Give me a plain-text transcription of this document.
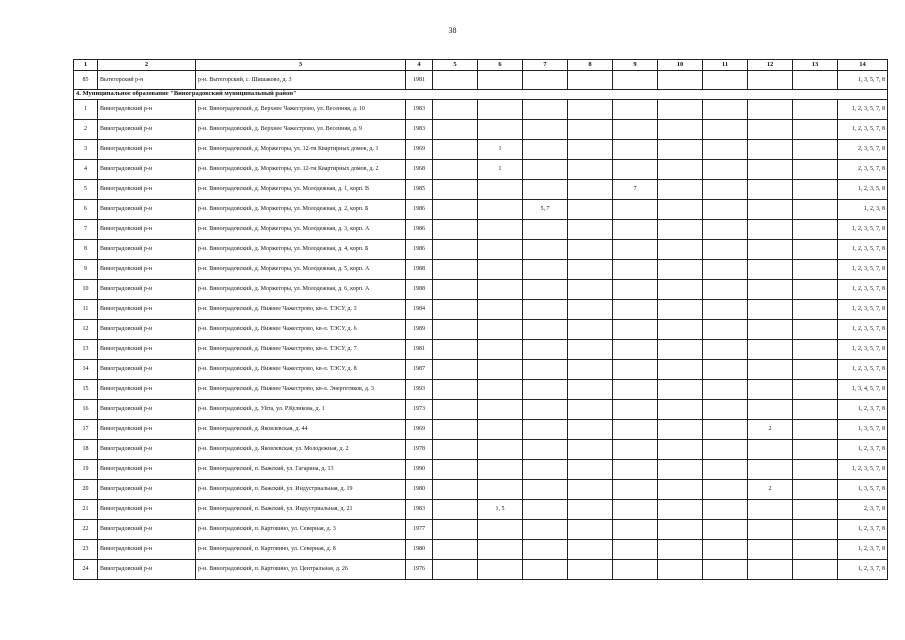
38
1	2	3	4	5	6	7	8	9	10	11	12	13	14
85	Вытегорский р-н	р-н. Вытегорский, с. Шишаково, д. 3	1981										1, 3, 5, 7, 8
4. Муниципальное образование "Виноградовский муниципальный район"													
1	Виноградовский р-н	р-н. Виноградовский, д. Верхнее Чажестрово, ул. Весенняя, д. 10	1983										1, 2, 3, 5, 7, 8
2	Виноградовский р-н	р-н. Виноградовский, д. Верхнее Чажестрово, ул. Весенняя, д. 9	1983										1, 2, 3, 5, 7, 8
3	Виноградовский р-н	р-н. Виноградовский, д. Моржегоры, ул. 12-ти Квартирных домов, д. 1	1969		1								2, 3, 5, 7, 8
4	Виноградовский р-н	р-н. Виноградовский, д. Моржегоры, ул. 12-ти Квартирных домов, д. 2	1968		1								2, 3, 5, 7, 8
5	Виноградовский р-н	р-н. Виноградовский, д. Моржегоры, ул. Молодежная, д. 1, корп. В	1985					7					1, 2, 3, 5, 8
6	Виноградовский р-н	р-н. Виноградовский, д. Моржегоры, ул. Молодежная, д. 2, корп. Б	1986			5, 7							1, 2, 3, 8
7	Виноградовский р-н	р-н. Виноградовский, д. Моржегоры, ул. Молодежная, д. 3, корп. А	1986										1, 2, 3, 5, 7, 8
8	Виноградовский р-н	р-н. Виноградовский, д. Моржегоры, ул. Молодежная, д. 4, корп. Б	1986										1, 2, 3, 5, 7, 8
9	Виноградовский р-н	р-н. Виноградовский, д. Моржегоры, ул. Молодежная, д. 5, корп. А	1988										1, 2, 3, 5, 7, 8
10	Виноградовский р-н	р-н. Виноградовский, д. Моржегоры, ул. Молодежная, д. 6, корп. А	1988										1, 2, 3, 5, 7, 8
11	Виноградовский р-н	р-н. Виноградовский, д. Нижнее Чажестрово, кв-л. ТЭСУ, д. 3	1984										1, 2, 3, 5, 7, 8
12	Виноградовский р-н	р-н. Виноградовский, д. Нижнее Чажестрово, кв-л. ТЭСУ, д. 6	1989										1, 2, 3, 5, 7, 8
13	Виноградовский р-н	р-н. Виноградовский, д. Нижнее Чажестрово, кв-л. ТЭСУ, д. 7	1981										1, 2, 3, 5, 7, 8
14	Виноградовский р-н	р-н. Виноградовский, д. Нижнее Чажестрово, кв-л. ТЭСУ, д. 8	1987										1, 2, 3, 5, 7, 8
15	Виноградовский р-н	р-н. Виноградовский, д. Нижнее Чажестрово, кв-л. Энергетиков, д. 3	1993										1, 3, 4, 5, 7, 8
16	Виноградовский р-н	р-н. Виноградовский, д. Уйта, ул. Р.Куликова, д. 1	1973										1, 2, 3, 7, 8
17	Виноградовский р-н	р-н. Виноградовский, д. Яковлевская, д. 44	1969								2		1, 3, 5, 7, 8
18	Виноградовский р-н	р-н. Виноградовский, д. Яковлевская, ул. Молодежная, д. 2	1978										1, 2, 3, 7, 8
19	Виноградовский р-н	р-н. Виноградовский, п. Важский, ул. Гагарина, д. 13	1990										1, 2, 3, 5, 7, 8
20	Виноградовский р-н	р-н. Виноградовский, п. Важский, ул. Индустриальная, д. 19	1980								2		1, 3, 5, 7, 8
21	Виноградовский р-н	р-н. Виноградовский, п. Важский, ул. Индустриальная, д. 21	1983		1, 5								2, 3, 7, 8
22	Виноградовский р-н	р-н. Виноградовский, п. Картовино, ул. Северная, д. 3	1977										1, 2, 3, 7, 8
23	Виноградовский р-н	р-н. Виноградовский, п. Картовино, ул. Северная, д. 8	1980										1, 2, 3, 7, 8
24	Виноградовский р-н	р-н. Виноградовский, п. Картовино, ул. Центральная, д. 26	1976										1, 2, 3, 7, 8
